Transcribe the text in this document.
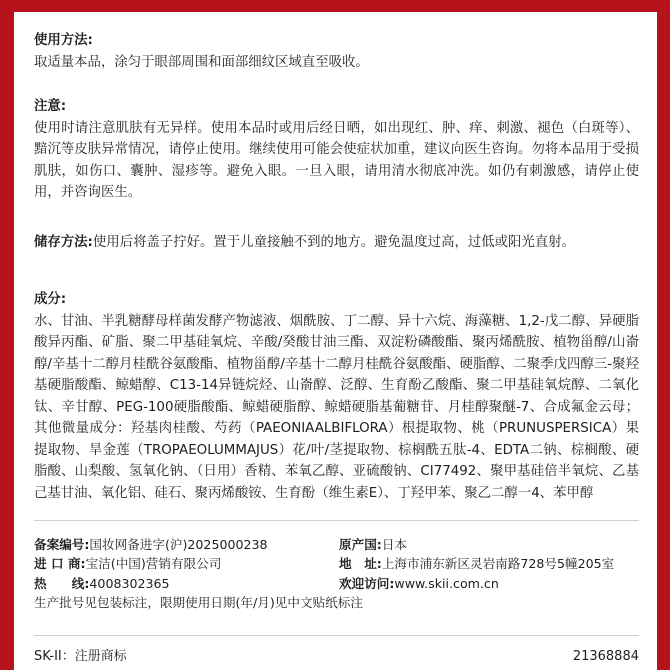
使用方法:
取适量本品，涂匀于眼部周围和面部细纹区域直至吸收。
注意:
使用时请注意肌肤有无异样。使用本品时或用后经日晒，如出现红、肿、痒、刺激、褪色（白斑等）、黯沉等皮肤异常情况，请停止使用。继续使用可能会使症状加重，建议向医生咨询。勿将本品用于受损肌肤，如伤口、囊肿、湿疹等。避免入眼。一旦入眼，请用清水彻底冲洗。如仍有刺激感，请停止使用，并咨询医生。
储存方法:使用后将盖子拧好。置于儿童接触不到的地方。避免温度过高，过低或阳光直射。
成分:
水、甘油、半乳糖酵母样菌发酵产物滤液、烟酰胺、丁二醇、异十六烷、海藻糖、1,2-戊二醇、异硬脂酸异丙酯、矿脂、聚二甲基硅氧烷、辛酸/癸酸甘油三酯、双淀粉磷酸酯、聚丙烯酰胺、植物甾醇/山嵛醇/辛基十二醇月桂酰谷氨酸酯、植物甾醇/辛基十二醇月桂酰谷氨酸酯、硬脂醇、二聚季戊四醇三-聚羟基硬脂酸酯、鲸蜡醇、C13-14异链烷烃、山嵛醇、泛醇、生育酚乙酸酯、聚二甲基硅氧烷醇、二氧化钛、辛甘醇、PEG-100硬脂酸酯、鲸蜡硬脂醇、鲸蜡硬脂基葡糖苷、月桂醇聚醚-7、合成氟金云母；其他微量成分：羟基肉桂酸、芍药（PAEONIAALBIFLORA）根提取物、桃（PRUNUSPERSICA）果提取物、旱金莲（TROPAEOLUMMAJUS）花/叶/茎提取物、棕榈酰五肽-4、EDTA二钠、棕榈酸、硬脂酸、山梨酸、氢氧化钠、（日用）香精、苯氧乙醇、亚硫酸钠、CI77492、聚甲基硅倍半氧烷、乙基己基甘油、氧化铝、硅石、聚丙烯酸铵、生育酚（维生素E）、丁羟甲苯、聚乙二醇一4、苯甲醇
备案编号:国妆网备进字(沪)2025000238	原产国:日本
进 口 商:宝洁(中国)营销有限公司	地　址:上海市浦东新区灵岩南路728号5幢205室
热　　线:4008302365	欢迎访问:www.skii.com.cn
生产批号见包装标注，限期使用日期(年/月)见中文贴纸标注
SK-II：注册商标	21368884
